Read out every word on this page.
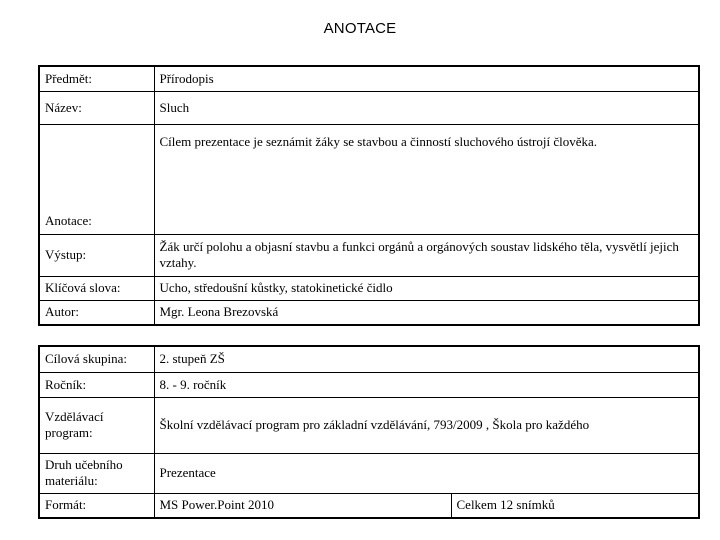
ANOTACE
Předmět:	Přírodopis
Název:	Sluch
Anotace:	Cílem prezentace je seznámit žáky se stavbou a činností sluchového ústrojí člověka.
Výstup:	Žák určí polohu a objasní stavbu a funkci orgánů a orgánových soustav lidského těla, vysvětlí jejich vztahy.
Klíčová slova:	Ucho, středoušní kůstky, statokinetické čidlo
Autor:	Mgr. Leona Brezovská
Cílová skupina:	2. stupeň ZŠ	
Ročník:	8. - 9. ročník	
Vzdělávací program:	Školní vzdělávací program pro základní vzdělávání, 793/2009 , Škola pro každého	
Druh učebního materiálu:	Prezentace	
Formát:	MS Power.Point 2010	Celkem 12 snímků
